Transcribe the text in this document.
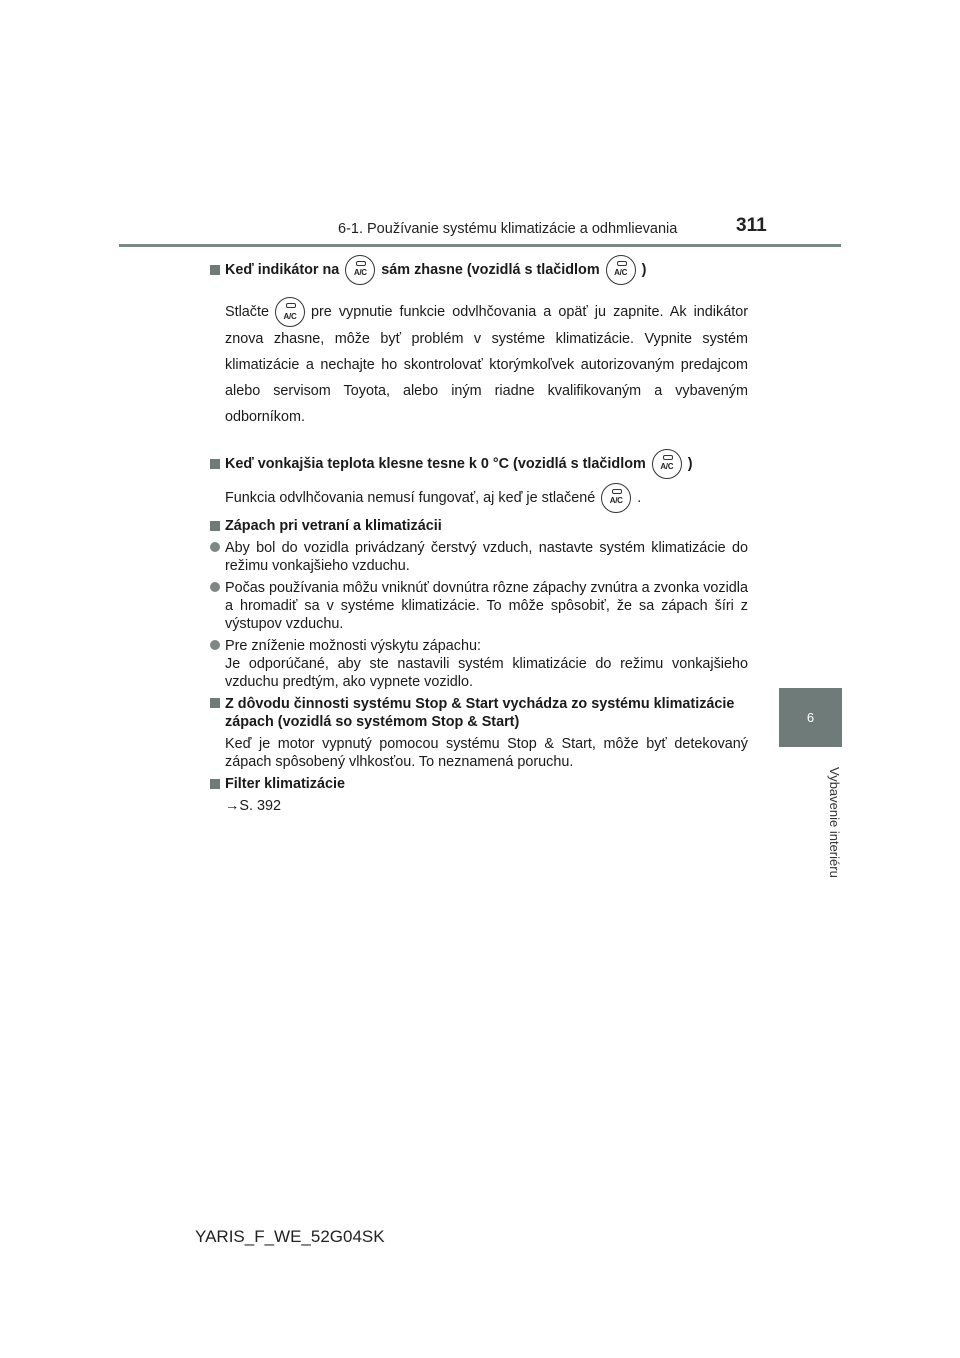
6-1. Používanie systému klimatizácie a odhmlievania	311
6
Vybavenie interiéru
Keď indikátor na	A/C	sám zhasne (vozidlá s tlačidlom	A/C	)

Stlačte	A/C	pre vypnutie funkcie odvlhčovania a opäť ju zapnite. Ak indikátor znova zhasne, môže byť problém v systéme klimatizácie. Vypnite systém klimatizácie a nechajte ho skontrolovať ktorýmkoľvek autorizovaným predajcom alebo servisom Toyota, alebo iným riadne kvalifikovaným a vybaveným odborníkom.

Keď vonkajšia teplota klesne tesne k 0 °C (vozidlá s tlačidlom	A/C	)

Funkcia odvlhčovania nemusí fungovať, aj keď je stlačené	A/C	.

Zápach pri vetraní a klimatizácii
Aby bol do vozidla privádzaný čerstvý vzduch, nastavte systém klimatizácie do režimu vonkajšieho vzduchu.
Počas používania môžu vniknúť dovnútra rôzne zápachy zvnútra a zvonka vozidla a hromadiť sa v systéme klimatizácie. To môže spôsobiť, že sa zápach šíri z výstupov vzduchu.
Pre zníženie možnosti výskytu zápachu:
Je odporúčané, aby ste nastavili systém klimatizácie do režimu vonkajšieho vzduchu predtým, ako vypnete vozidlo.
Z dôvodu činnosti systému Stop & Start vychádza zo systému klimatizácie zápach (vozidlá so systémom Stop & Start)

Keď je motor vypnutý pomocou systému Stop & Start, môže byť detekovaný zápach spôsobený vlhkosťou. To neznamená poruchu.

Filter klimatizácie

→S. 392

YARIS_F_WE_52G04SK
